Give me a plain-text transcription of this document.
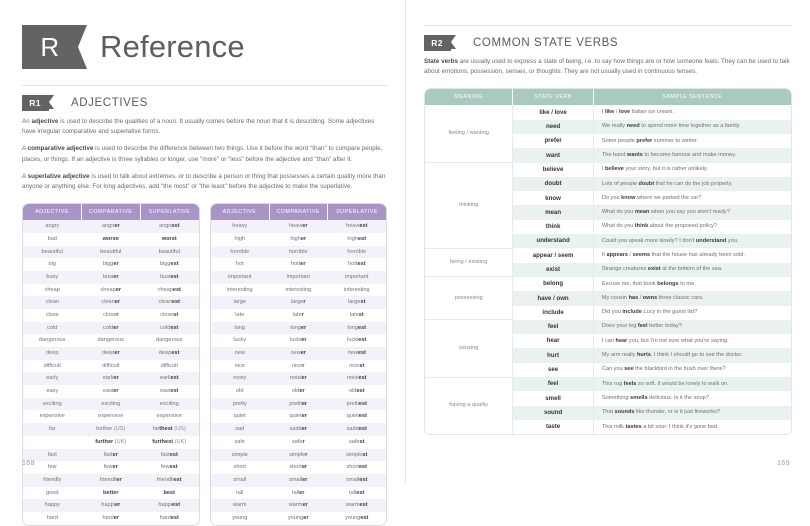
R	Reference
R1	ADJECTIVES
An adjective is used to describe the qualities of a noun. It usually comes before the noun that it is describing. Some adjectives have irregular comparative and superlative forms.
A comparative adjective is used to describe the difference between two things. Use it before the word "than" to compare people, places, or things. If an adjective is three syllables or longer, use "more" or "less" before the adjective and "than" after it.
A superlative adjective is used to talk about extremes, or to describe a person or thing that possesses a certain quality more than anyone or anything else. For long adjectives, add "the most" or "the least" before the adjective to make the superlative.
ADJECTIVE	COMPARATIVE	SUPERLATIVE
angry	angrier	angriest
bad	worse	worst
beautiful	beautiful	beautiful
big	bigger	biggest
busy	busier	busiest
cheap	cheaper	cheapest
clean	cleaner	cleanest
close	closer	closest
cold	colder	coldest
dangerous	dangerous	dangerous
deep	deeper	deepest
difficult	difficult	difficult
early	earlier	earliest
easy	easier	easiest
exciting	exciting	exciting
expensive	expensive	expensive
far	further (US)	farthest (US)
	further (UK)	furthest (UK)
fast	faster	fastest
few	fewer	fewest
friendly	friendlier	friendliest
good	better	best
happy	happier	happiest
hard	harder	hardest
ADJECTIVE	COMPARATIVE	SUPERLATIVE
heavy	heavier	heaviest
high	higher	highest
horrible	horrible	horrible
hot	hotter	hottest
important	important	important
interesting	interesting	interesting
large	larger	largest
late	later	latest
long	longer	longest
lucky	luckier	luckiest
new	newer	newest
nice	nicer	nicest
noisy	noisier	noisiest
old	older	oldest
pretty	prettier	prettiest
quiet	quieter	quietest
sad	sadder	saddest
safe	safer	safest
simple	simpler	simplest
short	shorter	shortest
small	smaller	smallest
tall	taller	tallest
warm	warmer	warmest
young	younger	youngest
168
R2	COMMON STATE VERBS
State verbs are usually used to express a state of being, i.e. to say how things are or how someone feels. They can be used to talk about emotions, possession, senses, or thoughts. They are not usually used in continuous tenses.
MEANING	STATE VERB	SAMPLE SENTENCE
feeling / wanting	like / love	I like / love Italian ice cream.
	need	We really need to spend more time together as a family.
	prefer	Some people prefer summer to winter.
	want	The band wants to become famous and make money.
thinking	believe	I believe your story, but it is rather unlikely.
	doubt	Lots of people doubt that he can do the job properly.
	know	Do you know where we parked the car?
	mean	What do you mean when you say you aren't ready?
	think	What do you think about the proposed policy?
	understand	Could you speak more slowly? I don't understand you.
being / existing	appear / seem	It appears / seems that the house has already been sold.
	exist	Strange creatures exist at the bottom of the sea.
possessing	belong	Excuse me, that book belongs to me.
	have / own	My cousin has / owns three classic cars.
	include	Did you include Lucy in the guest list?
sensing	feel	Does your leg feel better today?
	hear	I can hear you, but I'm not sure what you're saying.
	hurt	My arm really hurts. I think I should go to see the doctor.
	see	Can you see the blackbird in the bush over there?
having a quality	feel	This rug feels so soft. It would be lovely to walk on.
	smell	Something smells delicious. Is it the soup?
	sound	That sounds like thunder, or is it just fireworks?
	taste	This milk tastes a bit sour. I think it's gone bad.
169
